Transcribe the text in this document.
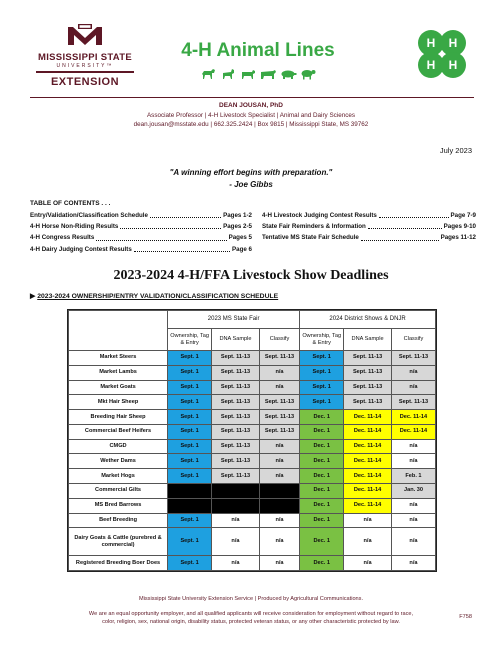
MISSISSIPPI STATE
UNIVERSITY™
EXTENSION
4-H Animal Lines	H H
H H
DEAN JOUSAN, PhD
Associate Professor | 4-H Livestock Specialist | Animal and Dairy Sciences
dean.jousan@msstate.edu | 662.325.2424 | Box 9815 | Mississippi State, MS 39762
July 2023
"A winning effort begins with preparation."
- Joe Gibbs
TABLE OF CONTENTS . . .
Entry/Validation/Classification Schedule	Pages 1-2
4-H Horse Non-Riding Results	Pages 2-5
4-H Congress Results	Pages 5
4-H Dairy Judging Contest Results	Page 6
4-H Livestock Judging Contest Results	Page 7-9
State Fair Reminders & Information	Pages 9-10
Tentative MS State Fair Schedule	Pages 11-12
2023-2024 4-H/FFA Livestock Show Deadlines
▶ 2023-2024 OWNERSHIP/ENTRY VALIDATION/CLASSIFICATION SCHEDULE
	2023 MS State Fair			2024 District Shows & DNJR		
	Ownership, Tag & Entry	DNA Sample	Classify	Ownership, Tag & Entry	DNA Sample	Classify
Market Steers	Sept. 1	Sept. 11-13	Sept. 11-13	Sept. 1	Sept. 11-13	Sept. 11-13
Market Lambs	Sept. 1	Sept. 11-13	n/a	Sept. 1	Sept. 11-13	n/a
Market Goats	Sept. 1	Sept. 11-13	n/a	Sept. 1	Sept. 11-13	n/a
Mkt Hair Sheep	Sept. 1	Sept. 11-13	Sept. 11-13	Sept. 1	Sept. 11-13	Sept. 11-13
Breeding Hair Sheep	Sept. 1	Sept. 11-13	Sept. 11-13	Dec. 1	Dec. 11-14	Dec. 11-14
Commercial Beef Heifers	Sept. 1	Sept. 11-13	Sept. 11-13	Dec. 1	Dec. 11-14	Dec. 11-14
CMGD	Sept. 1	Sept. 11-13	n/a	Dec. 1	Dec. 11-14	n/a
Wether Dams	Sept. 1	Sept. 11-13	n/a	Dec. 1	Dec. 11-14	n/a
Market Hogs	Sept. 1	Sept. 11-13	n/a	Dec. 1	Dec. 11-14	Feb. 1
Commercial Gilts				Dec. 1	Dec. 11-14	Jan. 30
MS Bred Barrows				Dec. 1	Dec. 11-14	n/a
Beef Breeding	Sept. 1	n/a	n/a	Dec. 1	n/a	n/a
Dairy Goats & Cattle (purebred & commercial)	Sept. 1	n/a	n/a	Dec. 1	n/a	n/a
Registered Breeding Boer Does	Sept. 1	n/a	n/a	Dec. 1	n/a	n/a
Mississippi State University Extension Service | Produced by Agricultural Communications.
We are an equal opportunity employer, and all qualified applicants will receive consideration for employment without regard to race,
color, religion, sex, national origin, disability status, protected veteran status, or any other characteristic protected by law.
F758
